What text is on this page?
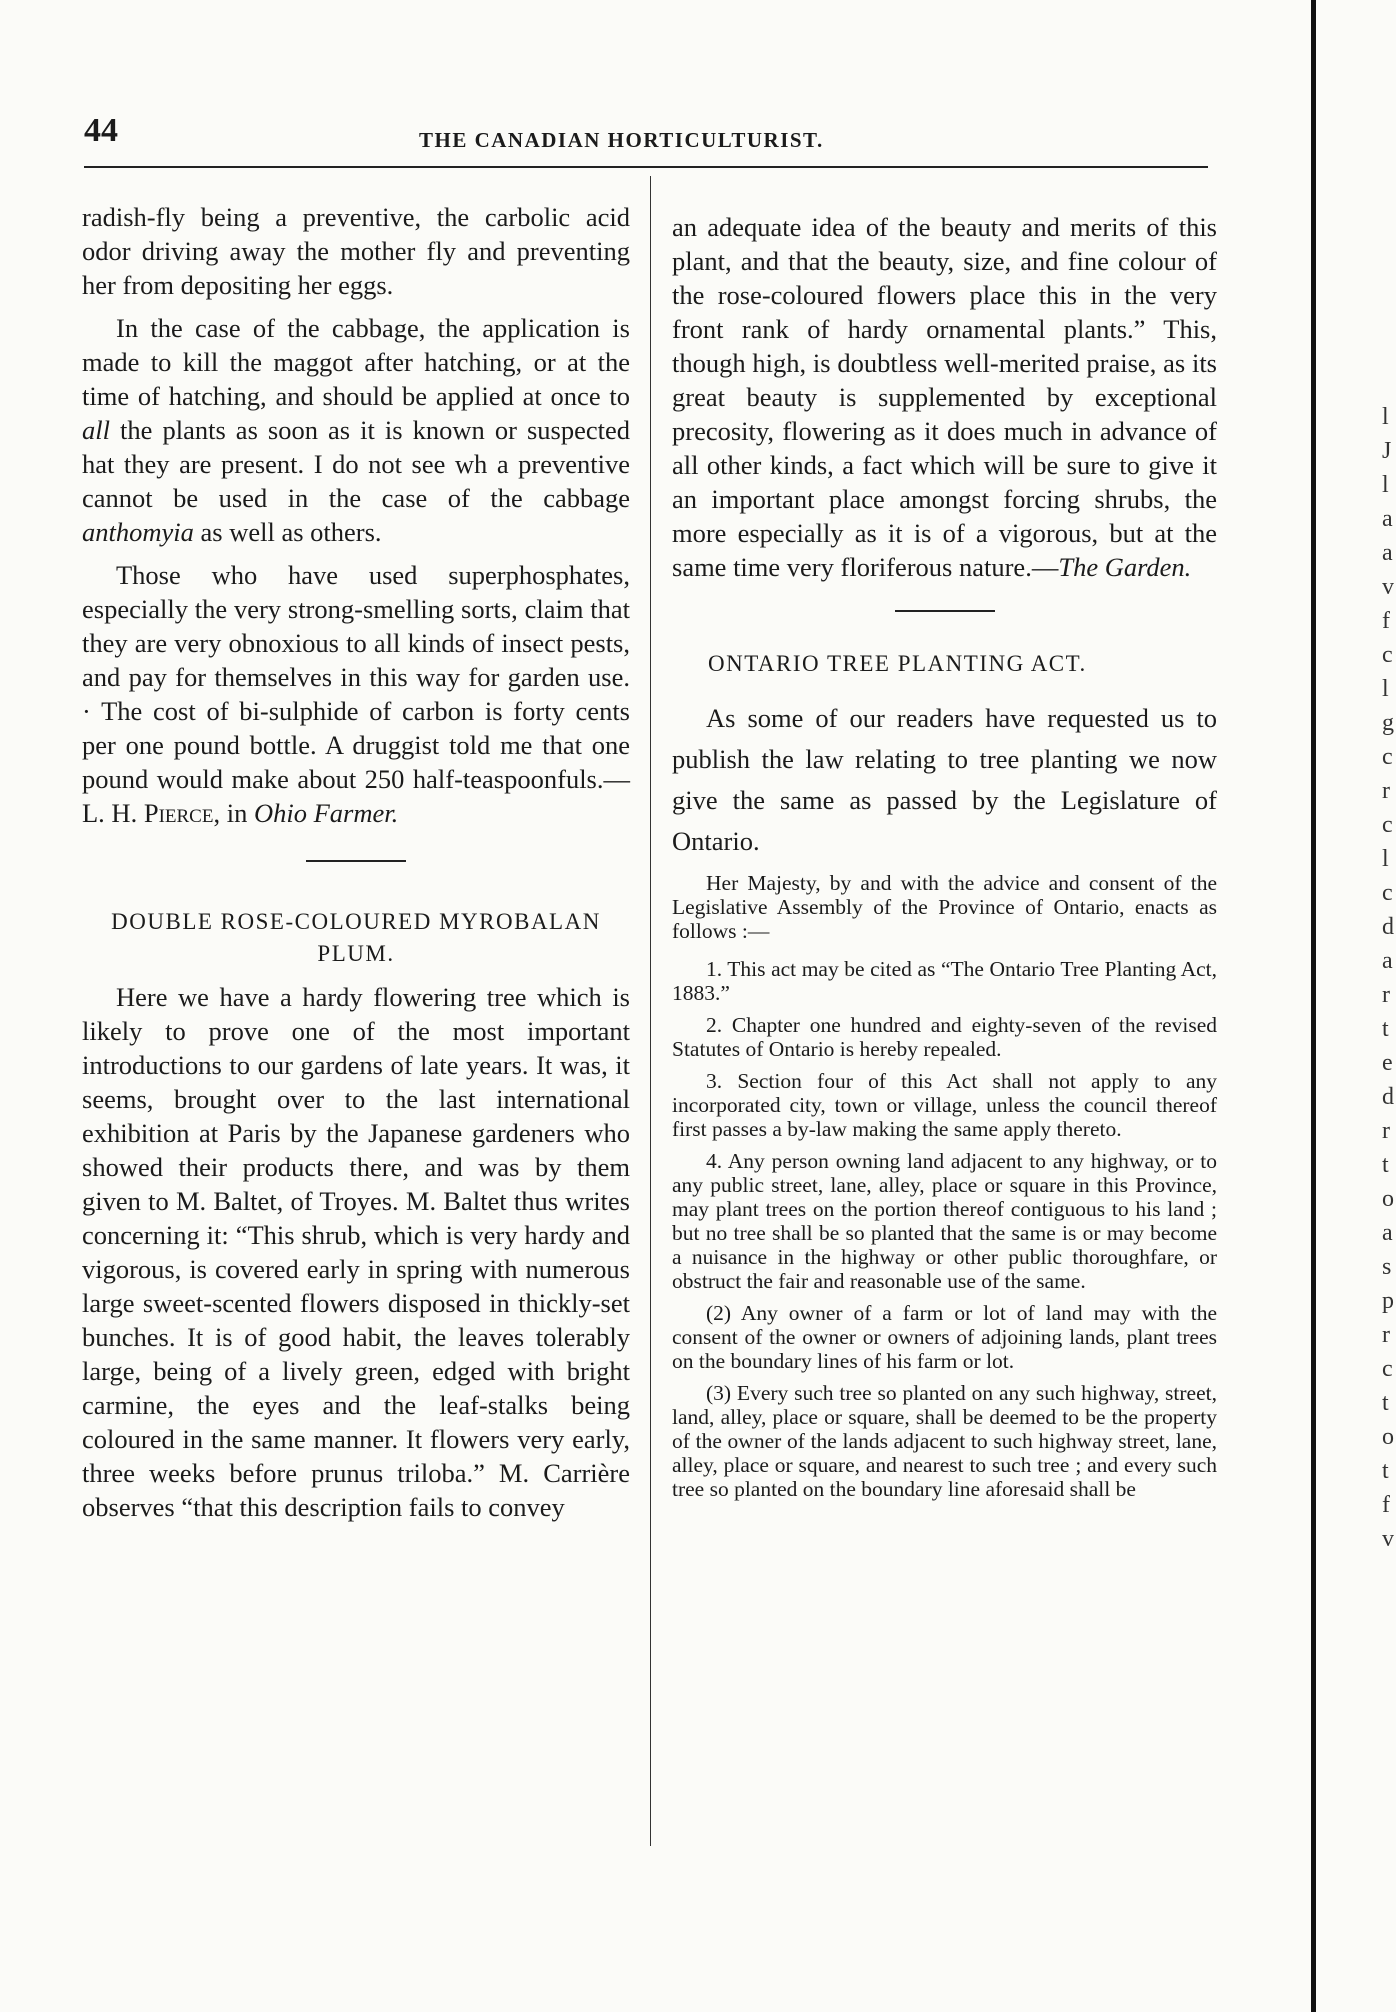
44	THE CANADIAN HORTICULTURIST.
l J l a a v f c l g c r c l c d a r t e d r t o a s p r c t o t f v

radish-fly being a preventive, the carbolic acid odor driving away the mother fly and preventing her from depositing her eggs.

In the case of the cabbage, the application is made to kill the maggot after hatching, or at the time of hatching, and should be applied at once to all the plants as soon as it is known or suspected hat they are present. I do not see wh a preventive cannot be used in the case of the cabbage anthomyia as well as others.

Those who have used superphosphates, especially the very strong-smelling sorts, claim that they are very obnoxious to all kinds of insect pests, and pay for themselves in this way for garden use. · The cost of bi-sulphide of carbon is forty cents per one pound bottle. A druggist told me that one pound would make about 250 half-teaspoonfuls.—L. H. Pierce, in Ohio Farmer.

DOUBLE ROSE-COLOURED MYROBALAN PLUM.

Here we have a hardy flowering tree which is likely to prove one of the most important introductions to our gardens of late years. It was, it seems, brought over to the last international exhibition at Paris by the Japanese gardeners who showed their products there, and was by them given to M. Baltet, of Troyes. M. Baltet thus writes concerning it: “This shrub, which is very hardy and vigorous, is covered early in spring with numerous large sweet-scented flowers disposed in thickly-set bunches. It is of good habit, the leaves tolerably large, being of a lively green, edged with bright carmine, the eyes and the leaf-stalks being coloured in the same manner. It flowers very early, three weeks before prunus triloba.” M. Carrière observes “that this description fails to convey

an adequate idea of the beauty and merits of this plant, and that the beauty, size, and fine colour of the rose-coloured flowers place this in the very front rank of hardy ornamental plants.” This, though high, is doubtless well-merited praise, as its great beauty is supplemented by exceptional precosity, flowering as it does much in advance of all other kinds, a fact which will be sure to give it an important place amongst forcing shrubs, the more especially as it is of a vigorous, but at the same time very floriferous nature.—The Garden.

ONTARIO TREE PLANTING ACT.

As some of our readers have requested us to publish the law relating to tree planting we now give the same as passed by the Legislature of Ontario.

Her Majesty, by and with the advice and consent of the Legislative Assembly of the Province of Ontario, enacts as follows :—

1. This act may be cited as “The Ontario Tree Planting Act, 1883.”

2. Chapter one hundred and eighty-seven of the revised Statutes of Ontario is hereby repealed.

3. Section four of this Act shall not apply to any incorporated city, town or village, unless the council thereof first passes a by-law making the same apply thereto.

4. Any person owning land adjacent to any highway, or to any public street, lane, alley, place or square in this Province, may plant trees on the portion thereof contiguous to his land ; but no tree shall be so planted that the same is or may become a nuisance in the highway or other public thoroughfare, or obstruct the fair and reasonable use of the same.

(2) Any owner of a farm or lot of land may with the consent of the owner or owners of adjoining lands, plant trees on the boundary lines of his farm or lot.

(3) Every such tree so planted on any such highway, street, land, alley, place or square, shall be deemed to be the property of the owner of the lands adjacent to such highway street, lane, alley, place or square, and nearest to such tree ; and every such tree so planted on the boundary line aforesaid shall be
